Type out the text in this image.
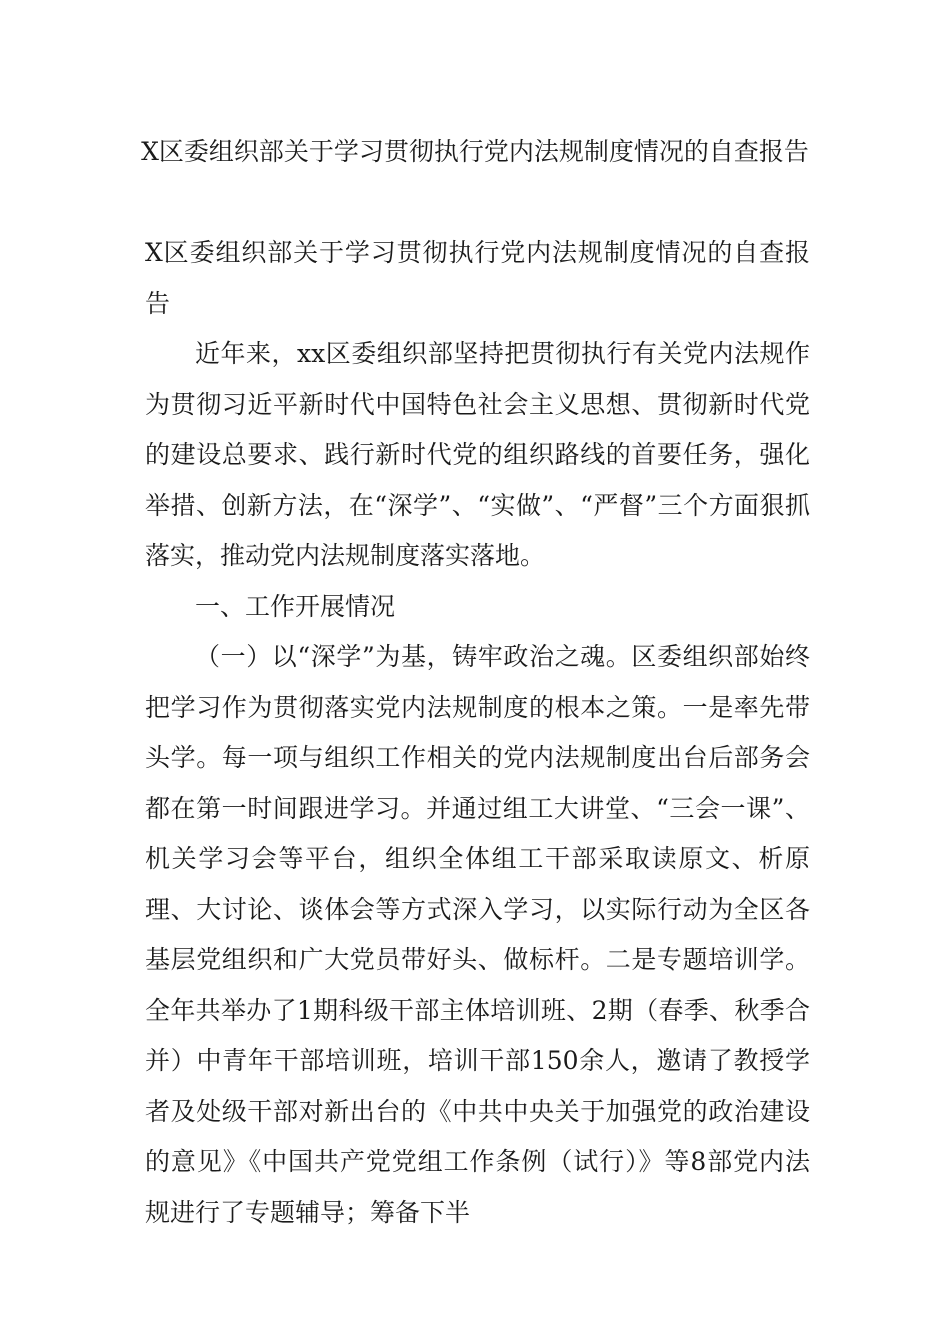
X区委组织部关于学习贯彻执行党内法规制度情况的自查报告

X区委组织部关于学习贯彻执行党内法规制度情况的自查报告

近年来，xx区委组织部坚持把贯彻执行有关党内法规作为贯彻习近平新时代中国特色社会主义思想、贯彻新时代党的建设总要求、践行新时代党的组织路线的首要任务，强化举措、创新方法，在“深学”、“实做”、“严督”三个方面狠抓落实，推动党内法规制度落实落地。

一、工作开展情况

（一）以“深学”为基，铸牢政治之魂。区委组织部始终把学习作为贯彻落实党内法规制度的根本之策。一是率先带头学。每一项与组织工作相关的党内法规制度出台后部务会都在第一时间跟进学习。并通过组工大讲堂、“三会一课”、机关学习会等平台，组织全体组工干部采取读原文、析原理、大讨论、谈体会等方式深入学习，以实际行动为全区各基层党组织和广大党员带好头、做标杆。二是专题培训学。全年共举办了1期科级干部主体培训班、2期（春季、秋季合并）中青年干部培训班，培训干部150余人，邀请了教授学者及处级干部对新出台的《中共中央关于加强党的政治建设的意见》《中国共产党党组工作条例（试行）》等8部党内法规进行了专题辅导；筹备下半
